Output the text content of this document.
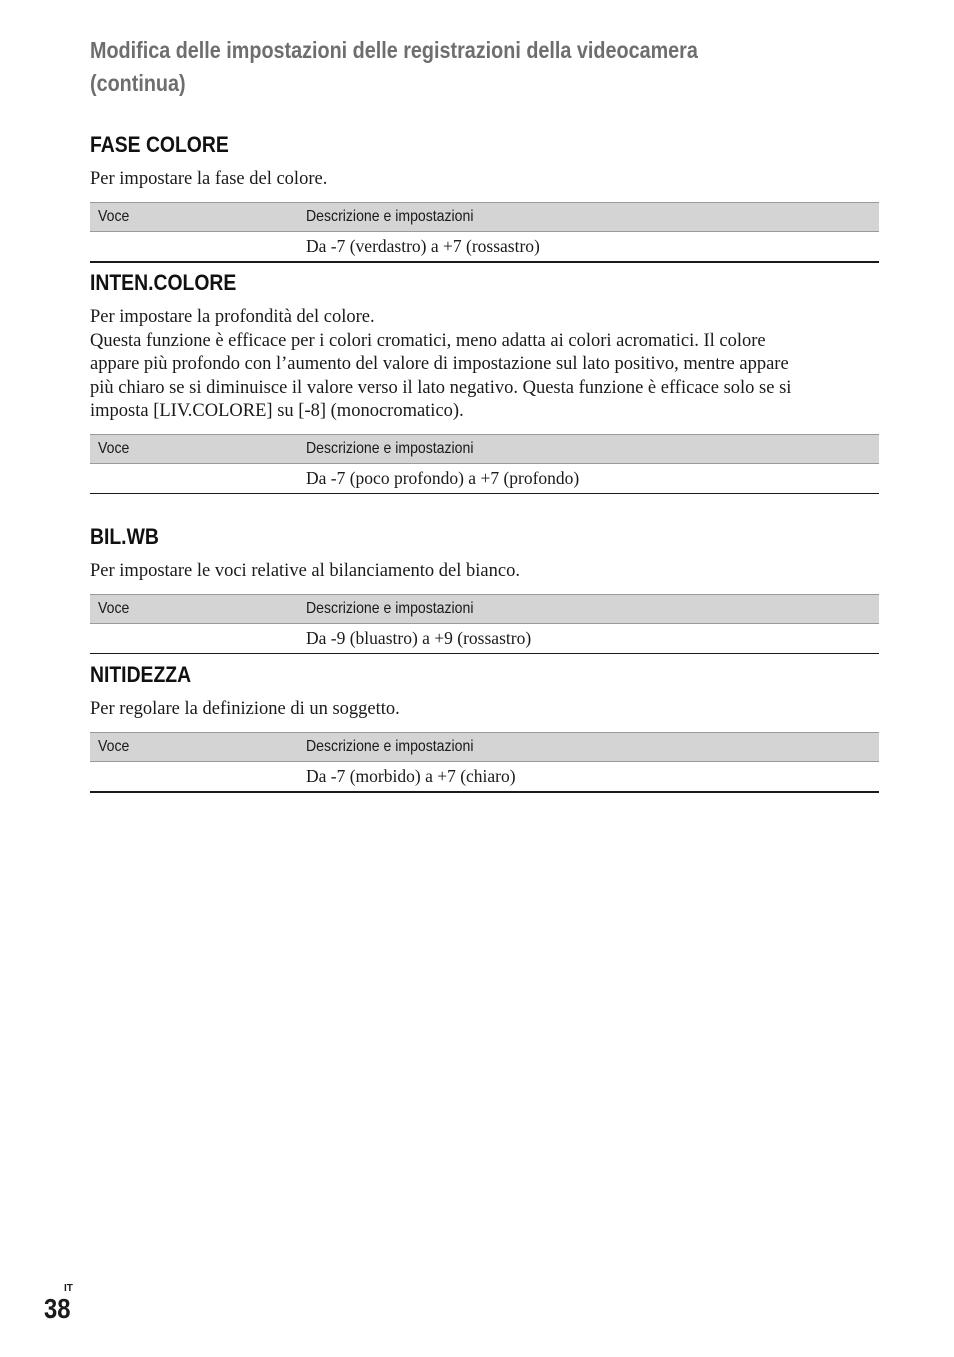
Modifica delle impostazioni delle registrazioni della videocamera
(continua)
FASE COLORE

Per impostare la fase del colore.

Voce	Descrizione e impostazioni
	Da -7 (verdastro) a +7 (rossastro)
INTEN.COLORE

Per impostare la profondità del colore.
Questa funzione è efficace per i colori cromatici, meno adatta ai colori acromatici. Il colore
appare più profondo con l’aumento del valore di impostazione sul lato positivo, mentre appare
più chiaro se si diminuisce il valore verso il lato negativo. Questa funzione è efficace solo se si
imposta [LIV.COLORE] su [-8] (monocromatico).

Voce	Descrizione e impostazioni
	Da -7 (poco profondo) a +7 (profondo)
BIL.WB

Per impostare le voci relative al bilanciamento del bianco.

Voce	Descrizione e impostazioni
	Da -9 (bluastro) a +9 (rossastro)
NITIDEZZA

Per regolare la definizione di un soggetto.

Voce	Descrizione e impostazioni
	Da -7 (morbido) a +7 (chiaro)
IT
38
